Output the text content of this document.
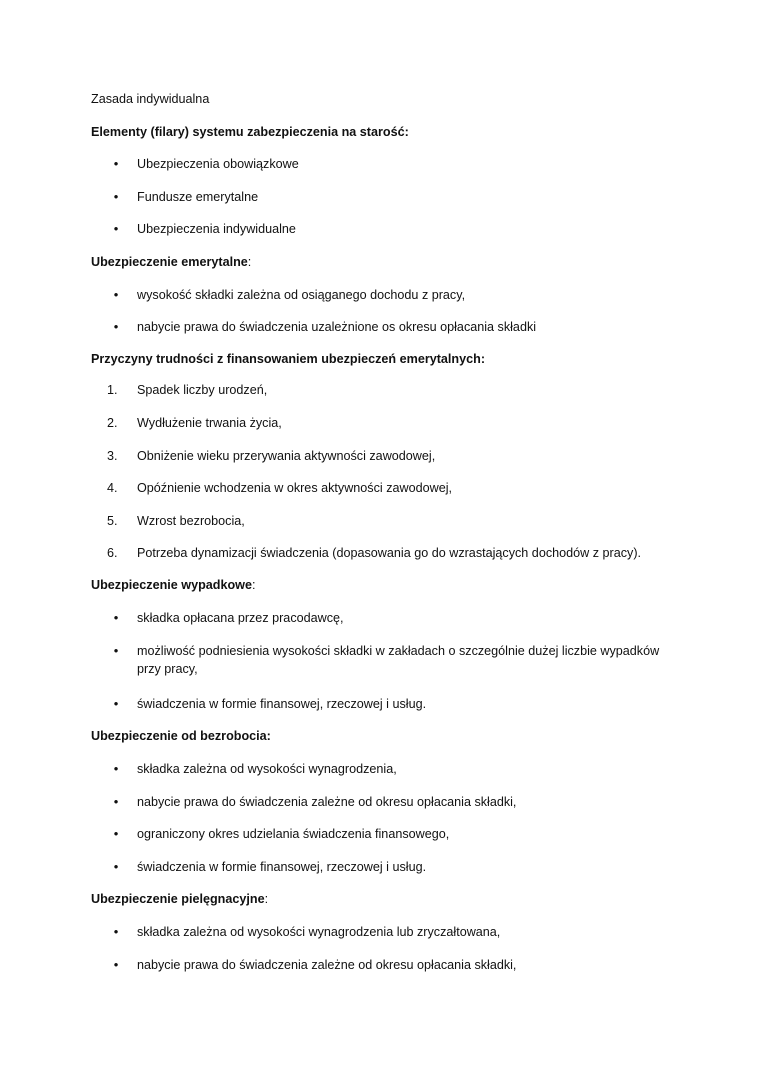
Zasada indywidualna
Elementy (filary) systemu zabezpieczenia na starość:
•	Ubezpieczenia obowiązkowe
•	Fundusze emerytalne
•	Ubezpieczenia indywidualne
Ubezpieczenie emerytalne:
•	wysokość składki zależna od osiąganego dochodu z pracy,
•	nabycie prawa do świadczenia uzależnione os okresu opłacania składki
Przyczyny trudności z finansowaniem ubezpieczeń emerytalnych:
1.	Spadek liczby urodzeń,
2.	Wydłużenie trwania życia,
3.	Obniżenie wieku przerywania aktywności zawodowej,
4.	Opóźnienie wchodzenia w okres aktywności zawodowej,
5.	Wzrost bezrobocia,
6.	Potrzeba dynamizacji świadczenia (dopasowania go do wzrastających dochodów z pracy).
Ubezpieczenie wypadkowe:
•	składka opłacana przez pracodawcę,
•	możliwość podniesienia wysokości składki w zakładach o szczególnie dużej liczbie wypadków przy pracy,
•	świadczenia w formie finansowej, rzeczowej i usług.
Ubezpieczenie od bezrobocia:
•	składka zależna od wysokości wynagrodzenia,
•	nabycie prawa do świadczenia zależne od okresu opłacania składki,
•	ograniczony okres udzielania świadczenia finansowego,
•	świadczenia w formie finansowej, rzeczowej i usług.
Ubezpieczenie pielęgnacyjne:
•	składka zależna od wysokości wynagrodzenia lub zryczałtowana,
•	nabycie prawa do świadczenia zależne od okresu opłacania składki,
